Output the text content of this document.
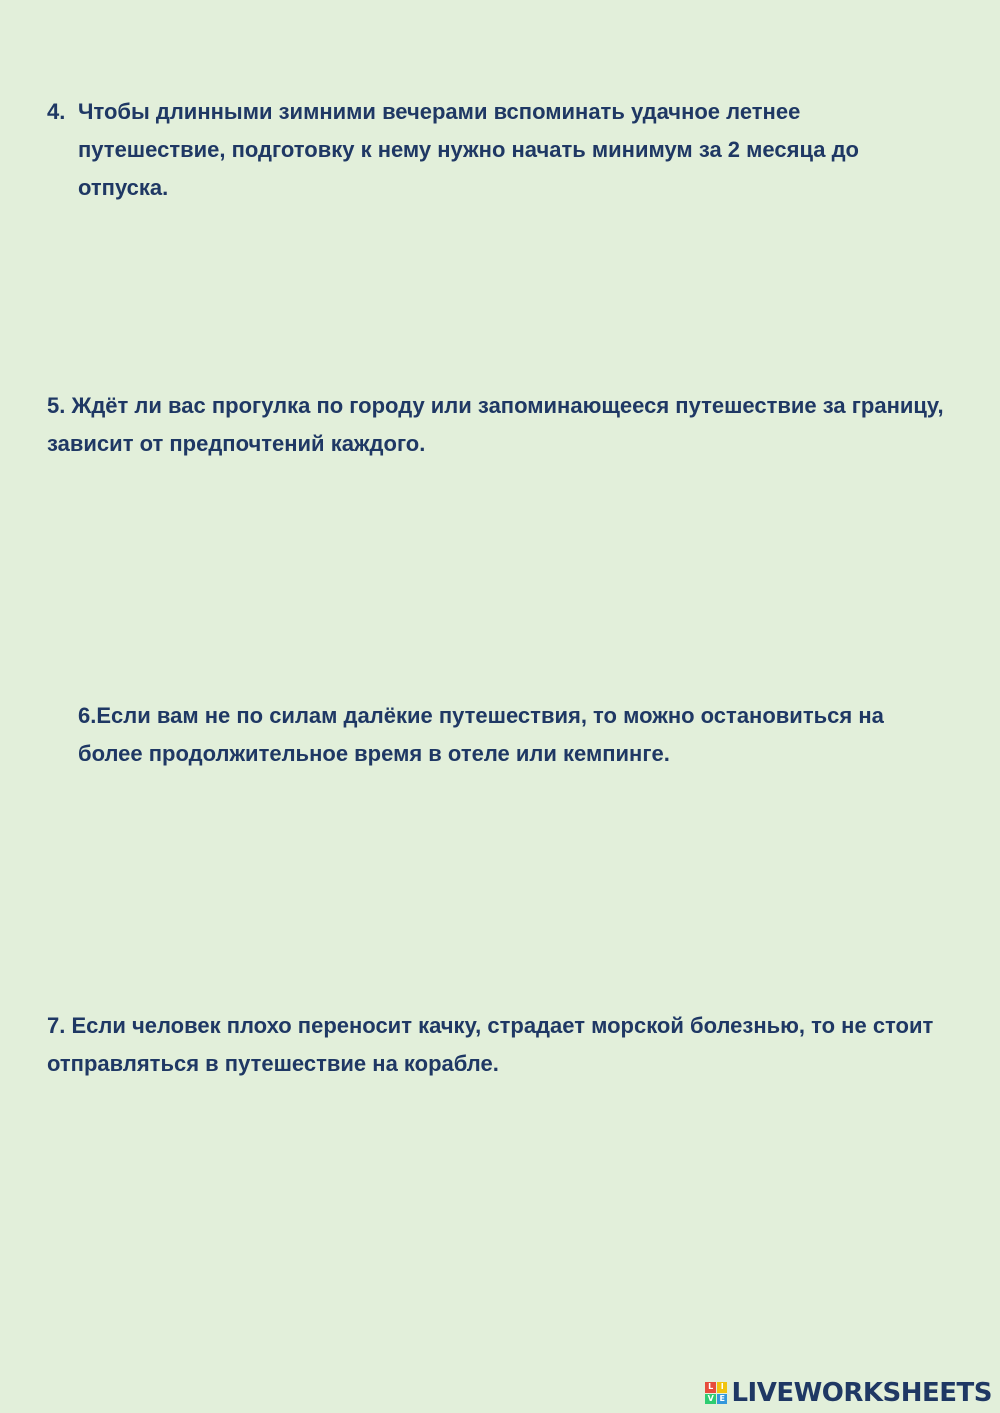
4. Чтобы длинными зимними вечерами вспоминать удачное летнее путешествие, подготовку к нему нужно начать минимум за 2 месяца до отпуска.

5. Ждёт ли вас прогулка по городу или запоминающееся путешествие за границу, зависит от предпочтений каждого.

6.Если вам не по силам далёкие путешествия, то можно остановиться на более продолжительное время в отеле или кемпинге.

7. Если человек плохо переносит качку, страдает морской болезнью, то не стоит отправляться в путешествие на корабле.

L I
V E LIVEWORKSHEETS
